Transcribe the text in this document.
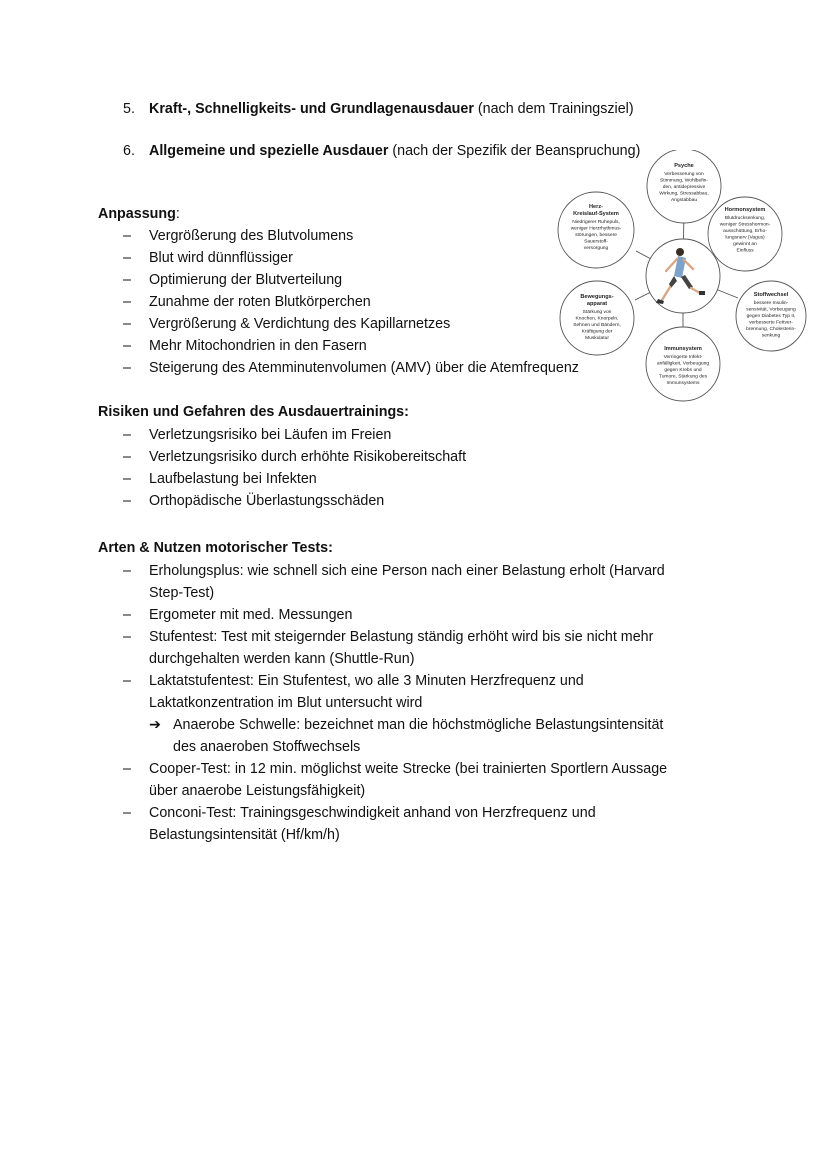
5. Kraft-, Schnelligkeits- und Grundlagenausdauer (nach dem Trainingsziel)
6. Allgemeine und spezielle Ausdauer (nach der Spezifik der Beanspruchung)
Anpassung:
– Vergrößerung des Blutvolumens
– Blut wird dünnflüssiger
– Optimierung der Blutverteilung
– Zunahme der roten Blutkörperchen
– Vergrößerung & Verdichtung des Kapillarnetzes
– Mehr Mitochondrien in den Fasern
– Steigerung des Atemminutenvolumen (AMV) über die Atemfrequenz
Risiken und Gefahren des Ausdauertrainings:
– Verletzungsrisiko bei Läufen im Freien
– Verletzungsrisiko durch erhöhte Risikobereitschaft
– Laufbelastung bei Infekten
– Orthopädische Überlastungsschäden
Arten & Nutzen motorischer Tests:
– Erholungsplus: wie schnell sich eine Person nach einer Belastung erholt (Harvard
Step-Test)
– Ergometer mit med. Messungen
– Stufentest: Test mit steigernder Belastung ständig erhöht wird bis sie nicht mehr
durchgehalten werden kann (Shuttle-Run)
– Laktatstufentest: Ein Stufentest, wo alle 3 Minuten Herzfrequenz und
Laktatkonzentration im Blut untersucht wird
➔ Anaerobe Schwelle: bezeichnet man die höchstmögliche Belastungsintensität
des anaeroben Stoffwechsels
– Cooper-Test: in 12 min. möglichst weite Strecke (bei trainierten Sportlern Aussage
über anaerobe Leistungsfähigkeit)
– Conconi-Test: Trainingsgeschwindigkeit anhand von Herzfrequenz und
Belastungsintensität (Hf/km/h)
Psyche
Verbesserung von
Stimmung, Wohlbefin-
den, antidepressive
Wirkung, Stressabbau,
Angstabbau
Herz-
Kreislauf-System
Niedrigerer Ruhepuls,
weniger Herzrhythmus-
störungen, bessere
Sauerstoff-
versorgung
Hormonsystem
Blutdrucksenkung,
weniger Stresshormon-
ausschüttung, Erho-
lungsnerv (Vagus)
gewinnt an
Einfluss
Bewegungs-
apparat
Stärkung von
Knochen, Knorpeln,
Sehnen und Bändern,
Kräftigung der
Muskulatur
Stoffwechsel
bessere Insulin-
sensivität, Vorbeugung
gegen Diabetes Typ II,
verbesserte Fettver-
brennung, Cholesterin-
senkung
Immunsystem
Verringerte Infekt-
anfälligkeit, Vorbeugung
gegen Krebs und
Tumore, Stärkung des
Immunsystems
